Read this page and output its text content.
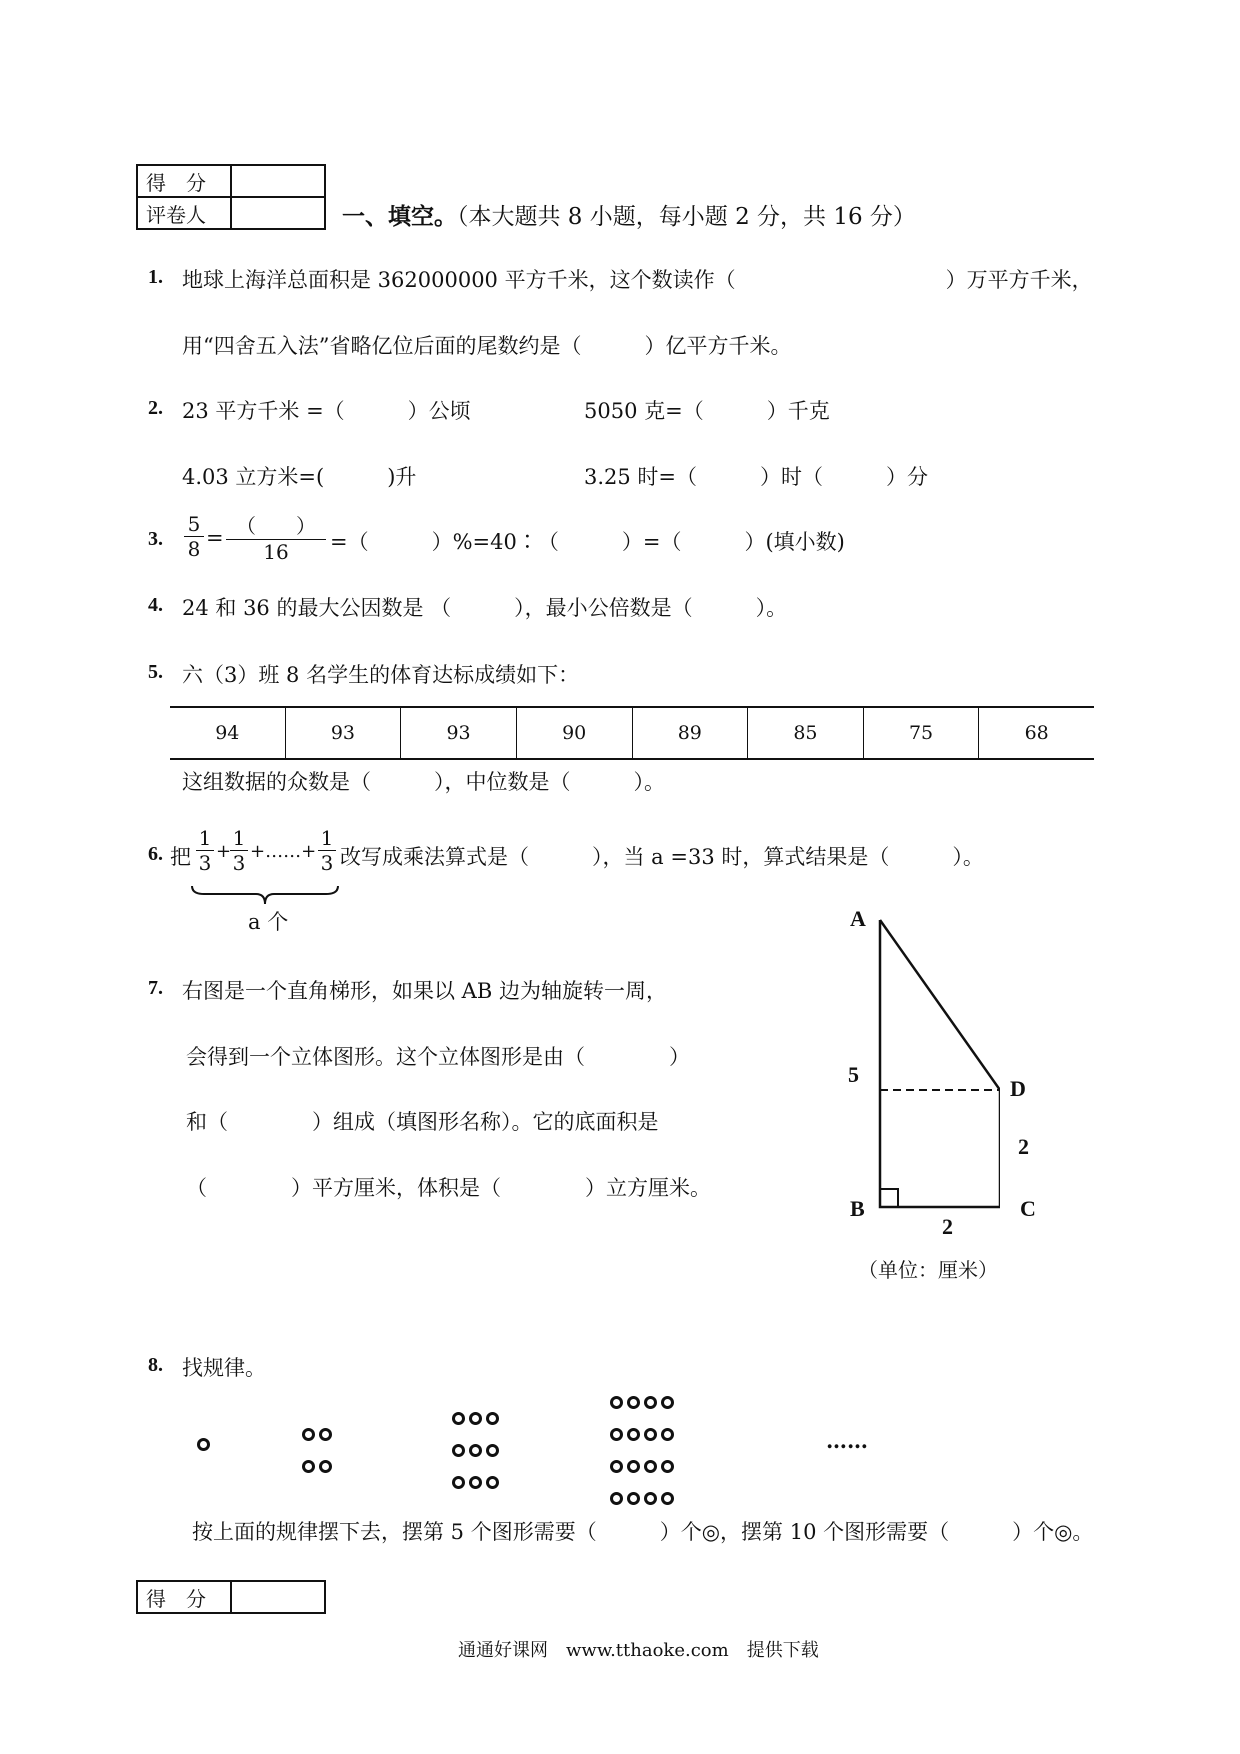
得　分	
评卷人		一、填空。（本大题共 8 小题，每小题 2 分，共 16 分）
1. 地球上海洋总面积是 362000000 平方千米，这个数读作（　　　　　　　　　　）万平方千米，
用“四舍五入法”省略亿位后面的尾数约是（　　　）亿平方千米。
2. 23 平方千米 =（　　　）公顷	5050 克=（　　　）千克
4.03 立方米=(　　　)升	3.25 时=（　　　）时（　　　）分
3. $\frac{5}{8}$ = （　　）
16	=（　　　）%=40∶（　　　）=（　　　）(填小数)
4. 24 和 36 的最大公因数是 （　　　），最小公倍数是（　　　）。
5. 六（3）班 8 名学生的体育达标成绩如下：
94	93	93	90	89	85	75	68
这组数据的众数是（　　　），中位数是（　　　）。
6. 把 $\frac{1}{3}$ +
$\frac{1}{3}$ +……+ $\frac{1}{3}$ 改写成乘法算式是（　　　），当 a =33 时，算式结果是（　　　）。
a 个
7. 右图是一个直角梯形，如果以 AB 边为轴旋转一周，
会得到一个立体图形。这个立体图形是由（　　　　）
和（　　　　）组成（填图形名称）。它的底面积是
（　　　　）平方厘米，体积是（　　　　）立方厘米。
A
5
D
2
B	C
2
（单位：厘米）
8. 找规律。
……
按上面的规律摆下去，摆第 5 个图形需要（　　　）个◎，摆第 10 个图形需要（　　　）个◎。
得　分	
通通好课网　www.tthaoke.com　提供下载
